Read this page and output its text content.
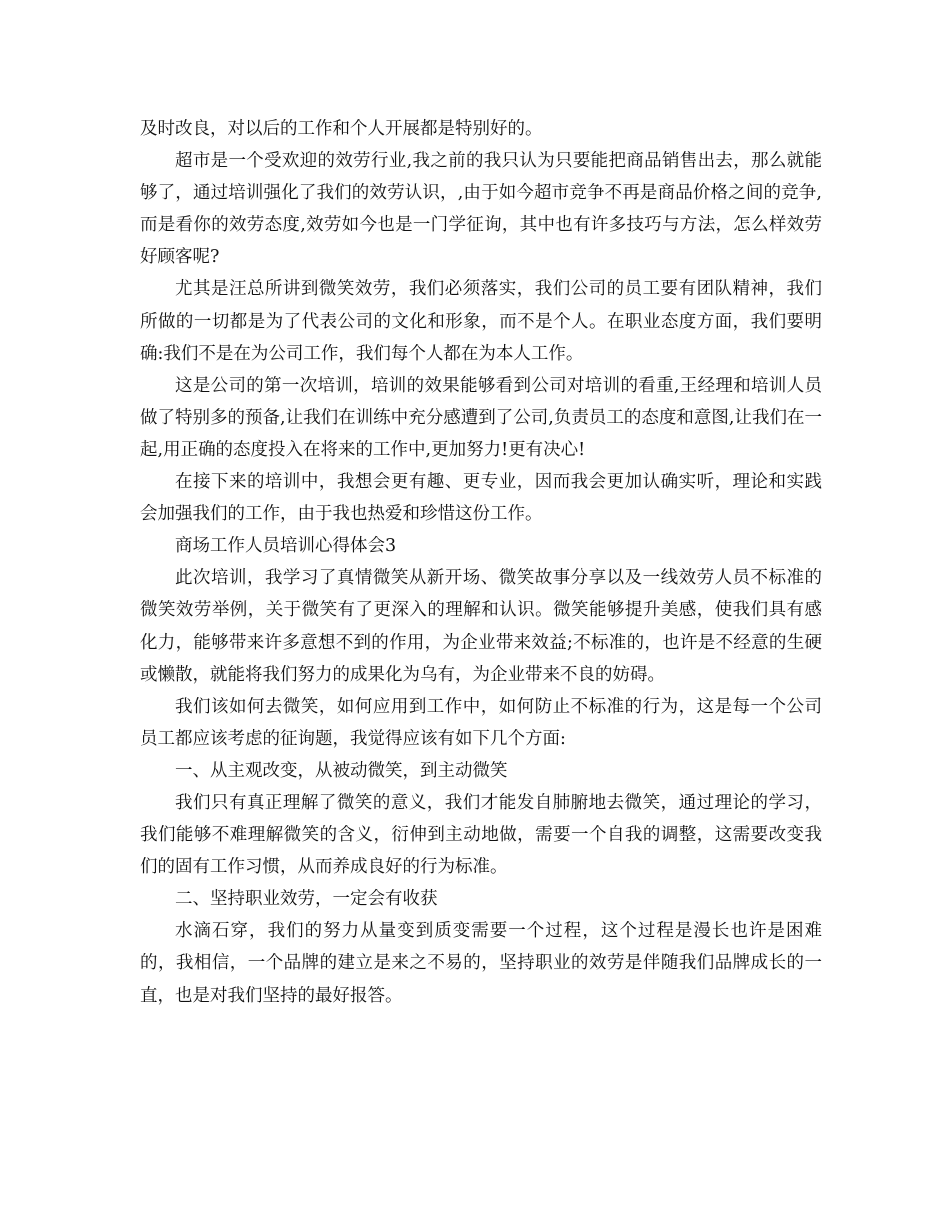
及时改良，对以后的工作和个人开展都是特别好的。

超市是一个受欢迎的效劳行业,我之前的我只认为只要能把商品销售出去，那么就能够了，通过培训强化了我们的效劳认识，,由于如今超市竞争不再是商品价格之间的竞争,而是看你的效劳态度,效劳如今也是一门学征询，其中也有许多技巧与方法，怎么样效劳好顾客呢?

尤其是汪总所讲到微笑效劳，我们必须落实，我们公司的员工要有团队精神，我们所做的一切都是为了代表公司的文化和形象，而不是个人。在职业态度方面，我们要明确:我们不是在为公司工作，我们每个人都在为本人工作。

这是公司的第一次培训，培训的效果能够看到公司对培训的看重,王经理和培训人员做了特别多的预备,让我们在训练中充分感遭到了公司,负责员工的态度和意图,让我们在一起,用正确的态度投入在将来的工作中,更加努力!更有决心!

在接下来的培训中，我想会更有趣、更专业，因而我会更加认确实听，理论和实践会加强我们的工作，由于我也热爱和珍惜这份工作。

商场工作人员培训心得体会3

此次培训，我学习了真情微笑从新开场、微笑故事分享以及一线效劳人员不标准的微笑效劳举例，关于微笑有了更深入的理解和认识。微笑能够提升美感，使我们具有感化力，能够带来许多意想不到的作用，为企业带来效益;不标准的，也许是不经意的生硬或懒散，就能将我们努力的成果化为乌有，为企业带来不良的妨碍。

我们该如何去微笑，如何应用到工作中，如何防止不标准的行为，这是每一个公司员工都应该考虑的征询题，我觉得应该有如下几个方面:

一、从主观改变，从被动微笑，到主动微笑

我们只有真正理解了微笑的意义，我们才能发自肺腑地去微笑，通过理论的学习，我们能够不难理解微笑的含义，衍伸到主动地做，需要一个自我的调整，这需要改变我们的固有工作习惯，从而养成良好的行为标准。

二、坚持职业效劳，一定会有收获

水滴石穿，我们的努力从量变到质变需要一个过程，这个过程是漫长也许是困难的，我相信，一个品牌的建立是来之不易的，坚持职业的效劳是伴随我们品牌成长的一直，也是对我们坚持的最好报答。
